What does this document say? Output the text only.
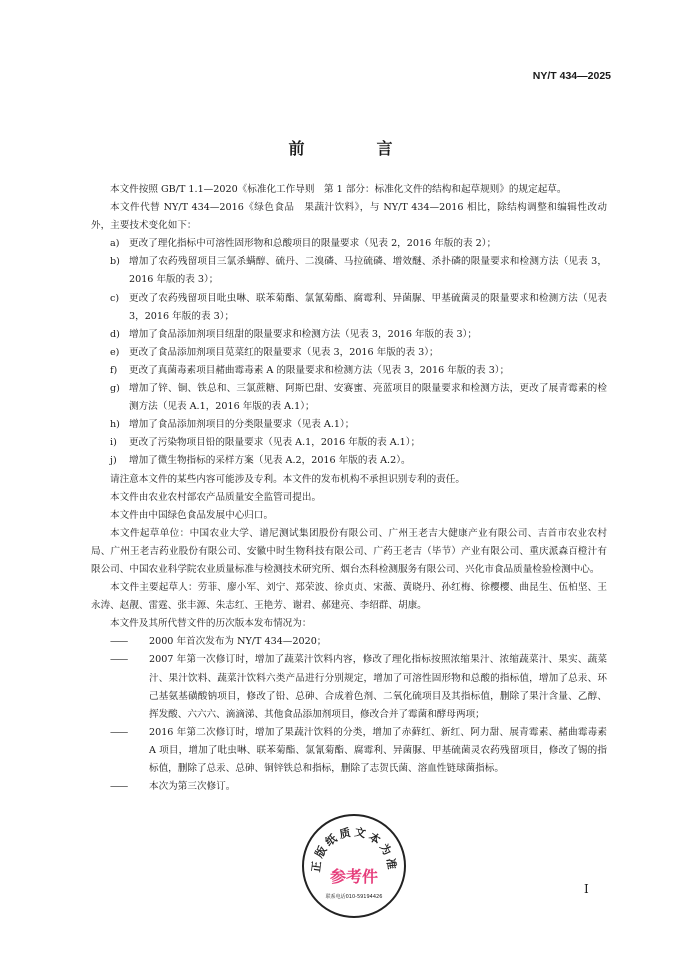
NY/T 434—2025
前　言

本文件按照 GB/T 1.1—2020《标准化工作导则　第 1 部分：标准化文件的结构和起草规则》的规定起草。

本文件代替 NY/T 434—2016《绿色食品　果蔬汁饮料》，与 NY/T 434—2016 相比，除结构调整和编辑性改动外，主要技术变化如下：

a) 更改了理化指标中可溶性固形物和总酸项目的限量要求（见表 2，2016 年版的表 2）；

b) 增加了农药残留项目三氯杀螨醇、硫丹、二溴磷、马拉硫磷、增效醚、杀扑磷的限量要求和检测方法（见表 3，2016 年版的表 3）；

c) 更改了农药残留项目吡虫啉、联苯菊酯、氯氰菊酯、腐霉利、异菌脲、甲基硫菌灵的限量要求和检测方法（见表 3，2016 年版的表 3）；

d) 增加了食品添加剂项目纽甜的限量要求和检测方法（见表 3，2016 年版的表 3）；

e) 更改了食品添加剂项目苋菜红的限量要求（见表 3，2016 年版的表 3）；

f) 更改了真菌毒素项目赭曲霉毒素 A 的限量要求和检测方法（见表 3，2016 年版的表 3）；

g) 增加了锌、铜、铁总和、三氯蔗糖、阿斯巴甜、安赛蜜、亮蓝项目的限量要求和检测方法，更改了展青霉素的检测方法（见表 A.1，2016 年版的表 A.1）；

h) 增加了食品添加剂项目的分类限量要求（见表 A.1）；

i) 更改了污染物项目铅的限量要求（见表 A.1，2016 年版的表 A.1）；

j) 增加了微生物指标的采样方案（见表 A.2，2016 年版的表 A.2）。

请注意本文件的某些内容可能涉及专利。本文件的发布机构不承担识别专利的责任。

本文件由农业农村部农产品质量安全监管司提出。

本文件由中国绿色食品发展中心归口。

本文件起草单位：中国农业大学、谱尼测试集团股份有限公司、广州王老吉大健康产业有限公司、吉首市农业农村局、广州王老吉药业股份有限公司、安徽中时生物科技有限公司、广药王老吉（毕节）产业有限公司、重庆派森百橙汁有限公司、中国农业科学院农业质量标准与检测技术研究所、烟台杰科检测服务有限公司、兴化市食品质量检验检测中心。

本文件主要起草人：劳菲、廖小军、刘宁、郑荣波、徐贞贞、宋薇、黄晓丹、孙红梅、徐樱樱、曲昆生、伍柏坚、王永涛、赵靓、雷霆、张丰源、朱志红、王艳芳、谢君、郝建亮、李绍群、胡康。

本文件及其所代替文件的历次版本发布情况为：

—— 2000 年首次发布为 NY/T 434—2020；

—— 2007 年第一次修订时，增加了蔬菜汁饮料内容，修改了理化指标按照浓缩果汁、浓缩蔬菜汁、果实、蔬菜汁、果汁饮料、蔬菜汁饮料六类产品进行分别规定，增加了可溶性固形物和总酸的指标值，增加了总汞、环己基氨基磺酸钠项目，修改了铅、总砷、合成着色剂、二氧化硫项目及其指标值，删除了果汁含量、乙醇、挥发酸、六六六、滴滴涕、其他食品添加剂项目，修改合并了霉菌和酵母两项；

—— 2016 年第二次修订时，增加了果蔬汁饮料的分类，增加了赤藓红、新红、阿力甜、展青霉素、赭曲霉毒素 A 项目，增加了吡虫啉、联苯菊酯、氯氰菊酯、腐霉利、异菌脲、甲基硫菌灵农药残留项目，修改了锡的指标值，删除了总汞、总砷、铜锌铁总和指标，删除了志贺氏菌、溶血性链球菌指标。

—— 本次为第三次修订。

正版纸质文本为准
参考件
联系电话010-59194426
I
